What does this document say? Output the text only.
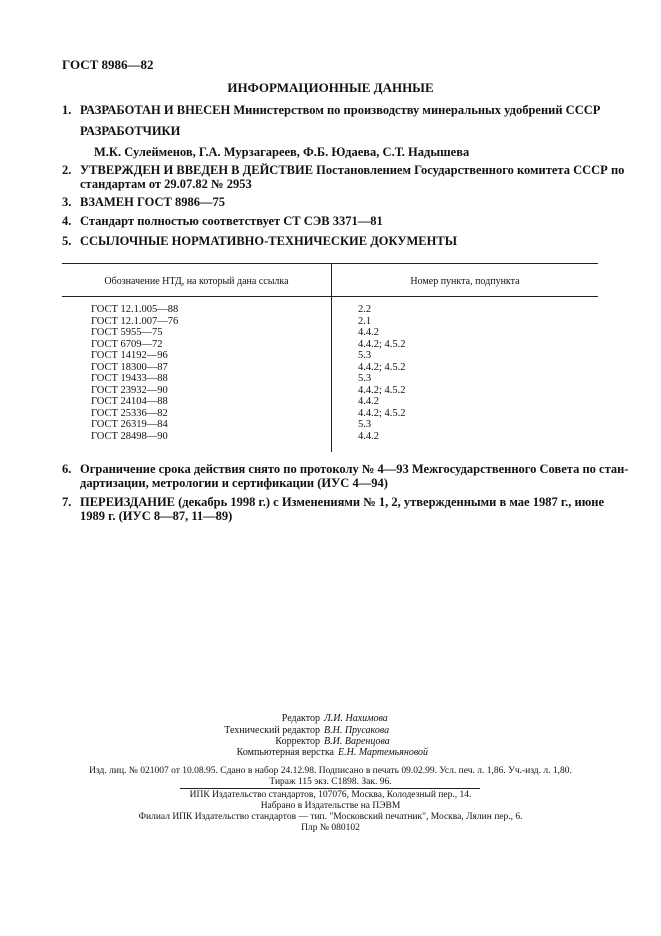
ГОСТ 8986—82
ИНФОРМАЦИОННЫЕ ДАННЫЕ
1. РАЗРАБОТАН И ВНЕСЕН Министерством по производству минеральных удобрений СССР
РАЗРАБОТЧИКИ
М.К. Сулейменов, Г.А. Мурзагареев, Ф.Б. Юдаева, С.Т. Надышева
2. УТВЕРЖДЕН И ВВЕДЕН В ДЕЙСТВИЕ Постановлением Государственного комитета СССР по
стандартам от 29.07.82 № 2953
3. ВЗАМЕН ГОСТ 8986—75
4. Стандарт полностью соответствует СТ СЭВ 3371—81
5. ССЫЛОЧНЫЕ НОРМАТИВНО-ТЕХНИЧЕСКИЕ ДОКУМЕНТЫ
Обозначение НТД, на который дана ссылка	Номер пункта, подпункта
ГОСТ 12.1.005—88	2.2
ГОСТ 12.1.007—76	2.1
ГОСТ 5955—75	4.4.2
ГОСТ 6709—72	4.4.2; 4.5.2
ГОСТ 14192—96	5.3
ГОСТ 18300—87	4.4.2; 4.5.2
ГОСТ 19433—88	5.3
ГОСТ 23932—90	4.4.2; 4.5.2
ГОСТ 24104—88	4.4.2
ГОСТ 25336—82	4.4.2; 4.5.2
ГОСТ 26319—84	5.3
ГОСТ 28498—90	4.4.2
6. Ограничение срока действия снято по протоколу № 4—93 Межгосударственного Совета по стан-
дартизации, метрологии и сертификации (ИУС 4—94)
7. ПЕРЕИЗДАНИЕ (декабрь 1998 г.) с Изменениями № 1, 2, утвержденными в мае 1987 г., июне
1989 г. (ИУС 8—87, 11—89)
Редактор Л.И. Нахимова
Технический редактор В.Н. Прусакова
Корректор В.И. Варенцова
Компьютерная верстка Е.Н. Мартемьяновой
Изд. лиц. № 021007 от 10.08.95. Сдано в набор 24.12.98. Подписано в печать 09.02.99. Усл. печ. л. 1,86. Уч.-изд. л. 1,80.
Тираж 115 экз. С1898. Зак. 96.
ИПК Издательство стандартов, 107076, Москва, Колодезный пер., 14.
Набрано в Издательстве на ПЭВМ
Филиал ИПК Издательство стандартов — тип. "Московский печатник", Москва, Лялин пер., 6.
Плр № 080102
